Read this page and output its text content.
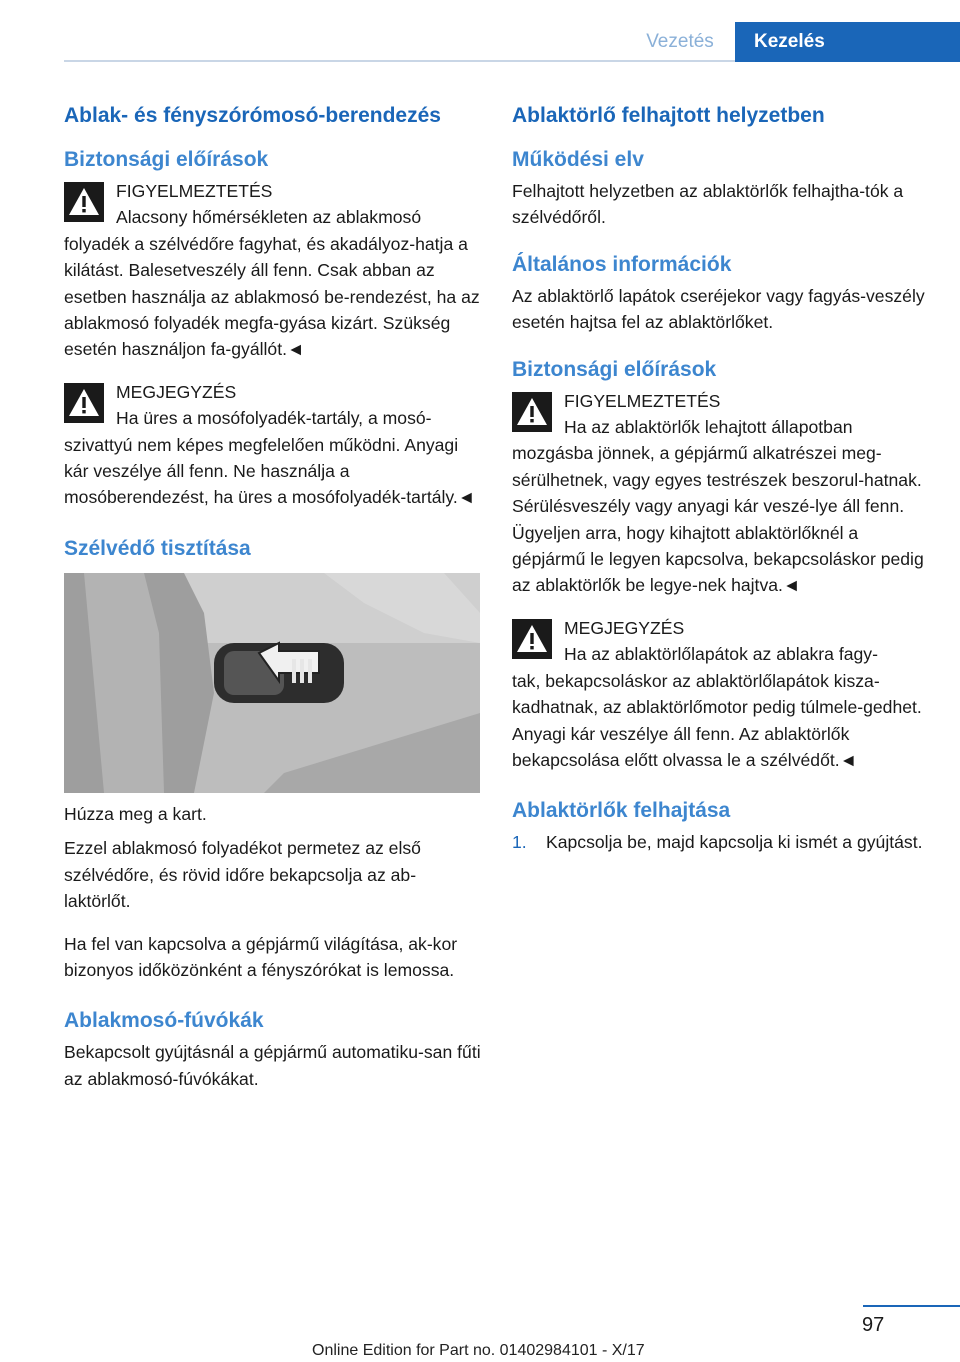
Vezetés	Kezelés
Ablak- és fényszórómosó-berendezés
Biztonsági előírások
FIGYELMEZTETÉS
Alacsony hőmérsékleten az ablakmosó

folyadék a szélvédőre fagyhat, és akadályoz-hatja a kilátást. Balesetveszély áll fenn. Csak abban az esetben használja az ablakmosó be-rendezést, ha az ablakmosó folyadék megfa-gyása kizárt. Szükség esetén használjon fa-gyállót.◄

MEGJEGYZÉS
Ha üres a mosófolyadék-tartály, a mosó-

szivattyú nem képes megfelelően működni. Anyagi kár veszélye áll fenn. Ne használja a mosóberendezést, ha üres a mosófolyadék-tartály.◄

Szélvédő tisztítása

Húzza meg a kart.

Ezzel ablakmosó folyadékot permetez az első szélvédőre, és rövid időre bekapcsolja az ab-laktörlőt.

Ha fel van kapcsolva a gépjármű világítása, ak-kor bizonyos időközönként a fényszórókat is lemossa.

Ablakmosó-fúvókák

Bekapcsolt gyújtásnál a gépjármű automatiku-san fűti az ablakmosó-fúvókákat.

Ablaktörlő felhajtott helyzetben
Működési elv

Felhajtott helyzetben az ablaktörlők felhajtha-tók a szélvédőről.

Általános információk

Az ablaktörlő lapátok cseréjekor vagy fagyás-veszély esetén hajtsa fel az ablaktörlőket.

Biztonsági előírások
FIGYELMEZTETÉS
Ha az ablaktörlők lehajtott állapotban

mozgásba jönnek, a gépjármű alkatrészei meg-sérülhetnek, vagy egyes testrészek beszorul-hatnak. Sérülésveszély vagy anyagi kár veszé-lye áll fenn. Ügyeljen arra, hogy kihajtott ablaktörlőknél a gépjármű le legyen kapcsolva, bekapcsoláskor pedig az ablaktörlők be legye-nek hajtva.◄

MEGJEGYZÉS
Ha az ablaktörlőlapátok az ablakra fagy-

tak, bekapcsoláskor az ablaktörlőlapátok kisza-kadhatnak, az ablaktörlőmotor pedig túlmele-gedhet. Anyagi kár veszélye áll fenn. Az ablaktörlők bekapcsolása előtt olvassa le a szélvédőt.◄

Ablaktörlők felhajtása
1.	Kapcsolja be, majd kapcsolja ki ismét a gyújtást.
97
Online Edition for Part no. 01402984101 - X/17
